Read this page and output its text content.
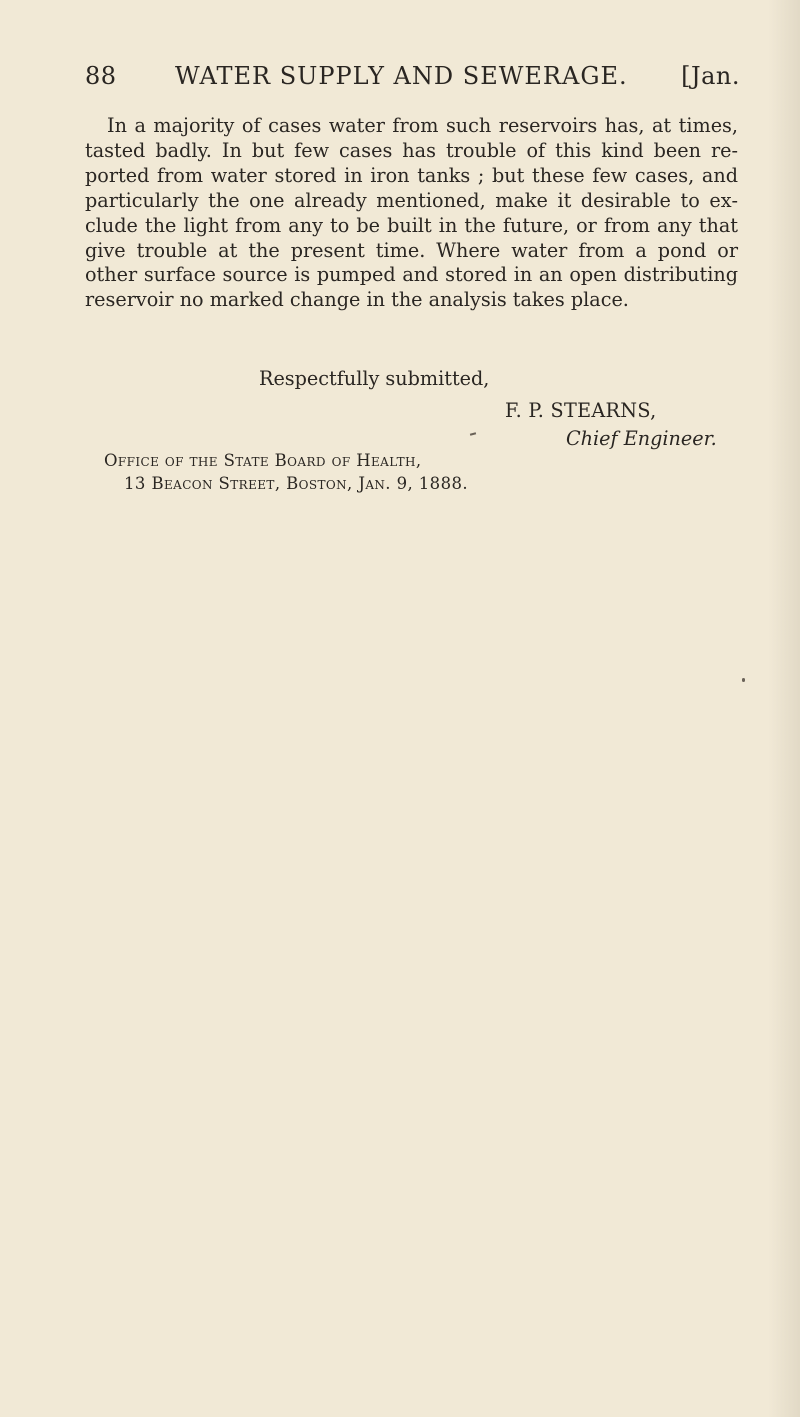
88 WATER SUPPLY AND SEWERAGE. [Jan.

In a majority of cases water from such reservoirs has, at times, tasted badly. In but few cases has trouble of this kind been reported from water stored in iron tanks ; but these few cases, and particularly the one already mentioned, make it desirable to exclude the light from any to be built in the future, or from any that give trouble at the present time. Where water from a pond or other surface source is pumped and stored in an open distributing reservoir no marked change in the analysis takes place.

Respectfully submitted,
F. P. STEARNS,
Chief Engineer.
Office of the State Board of Health,
13 Beacon Street, Boston, Jan. 9, 1888.
